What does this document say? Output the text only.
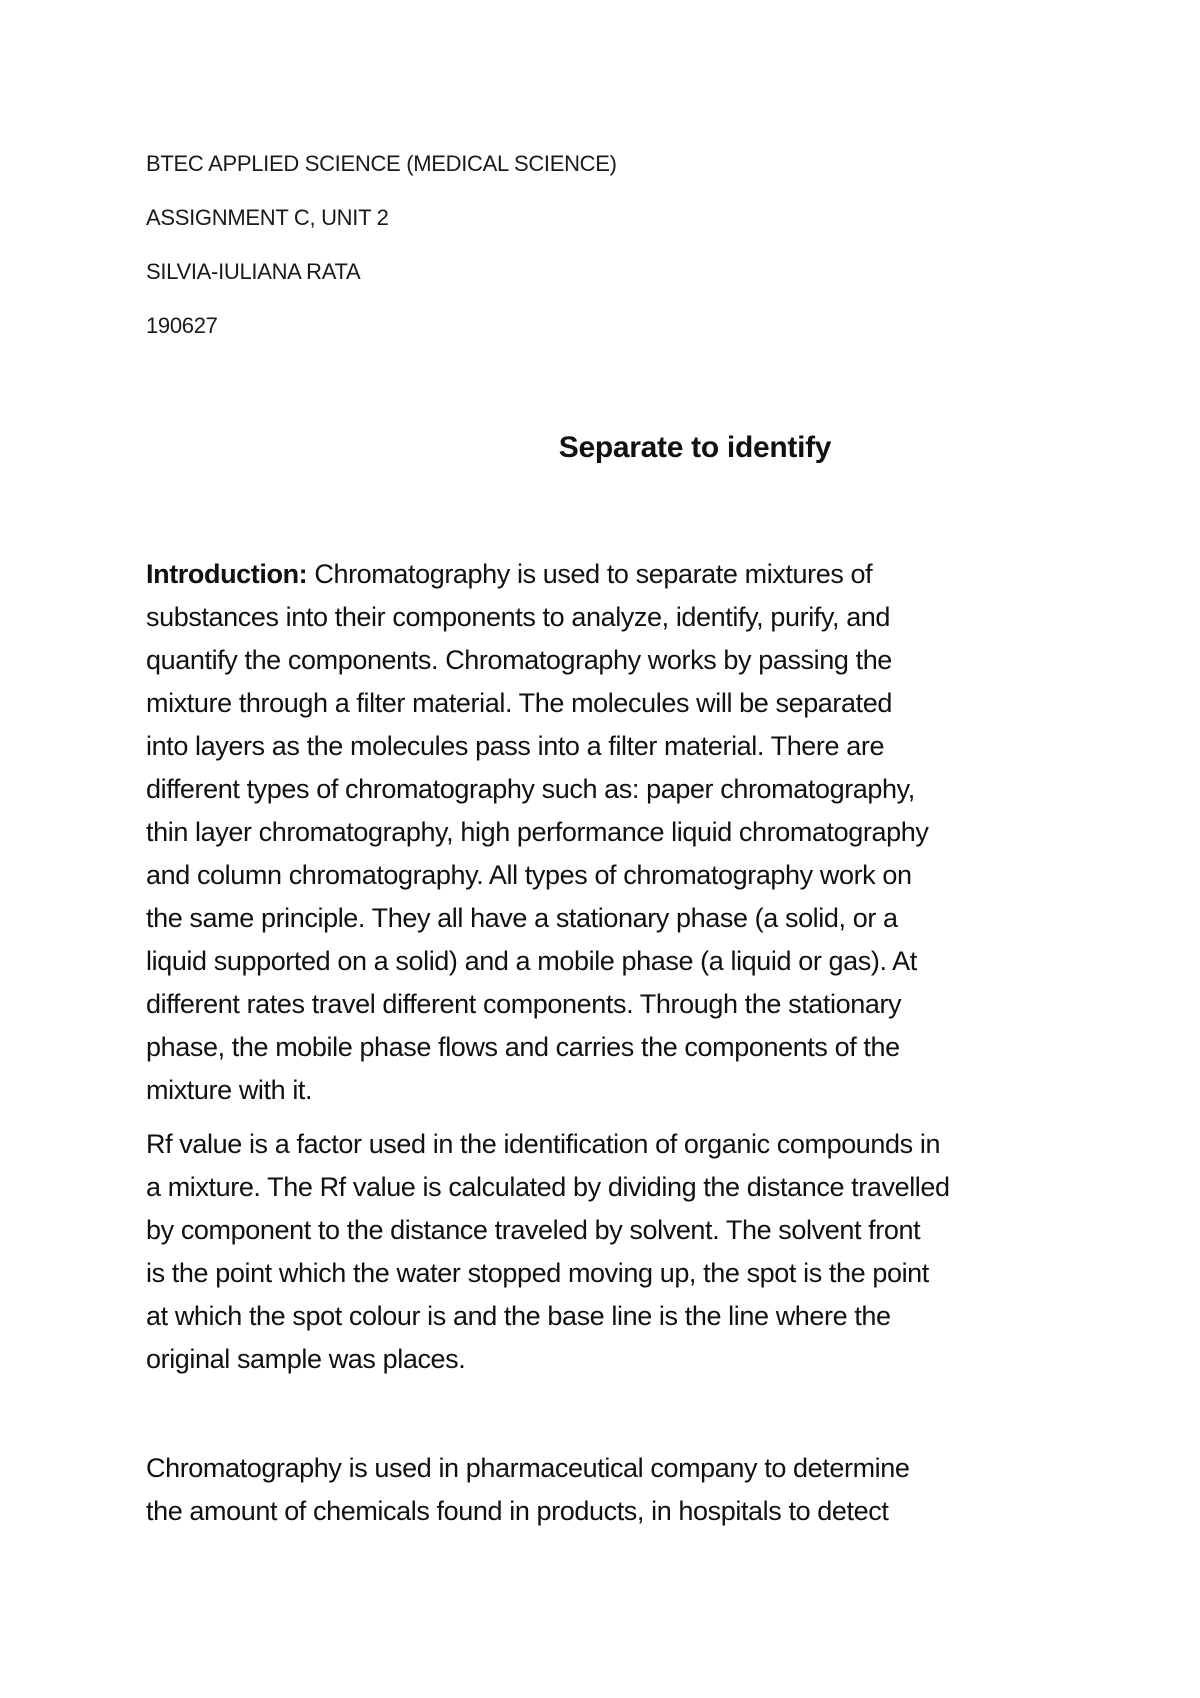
BTEC APPLIED SCIENCE (MEDICAL SCIENCE)

ASSIGNMENT C, UNIT 2

SILVIA-IULIANA RATA

190627

Separate to identify

Introduction: Chromatography is used to separate mixtures of
substances into their components to analyze, identify, purify, and
quantify the components. Chromatography works by passing the
mixture through a filter material. The molecules will be separated
into layers as the molecules pass into a filter material. There are
different types of chromatography such as: paper chromatography,
thin layer chromatography, high performance liquid chromatography
and column chromatography. All types of chromatography work on
the same principle. They all have a stationary phase (a solid, or a
liquid supported on a solid) and a mobile phase (a liquid or gas). At
different rates travel different components. Through the stationary
phase, the mobile phase flows and carries the components of the
mixture with it.

Rf value is a factor used in the identification of organic compounds in
a mixture. The Rf value is calculated by dividing the distance travelled
by component to the distance traveled by solvent. The solvent front
is the point which the water stopped moving up, the spot is the point
at which the spot colour is and the base line is the line where the
original sample was places.

Chromatography is used in pharmaceutical company to determine
the amount of chemicals found in products, in hospitals to detect
